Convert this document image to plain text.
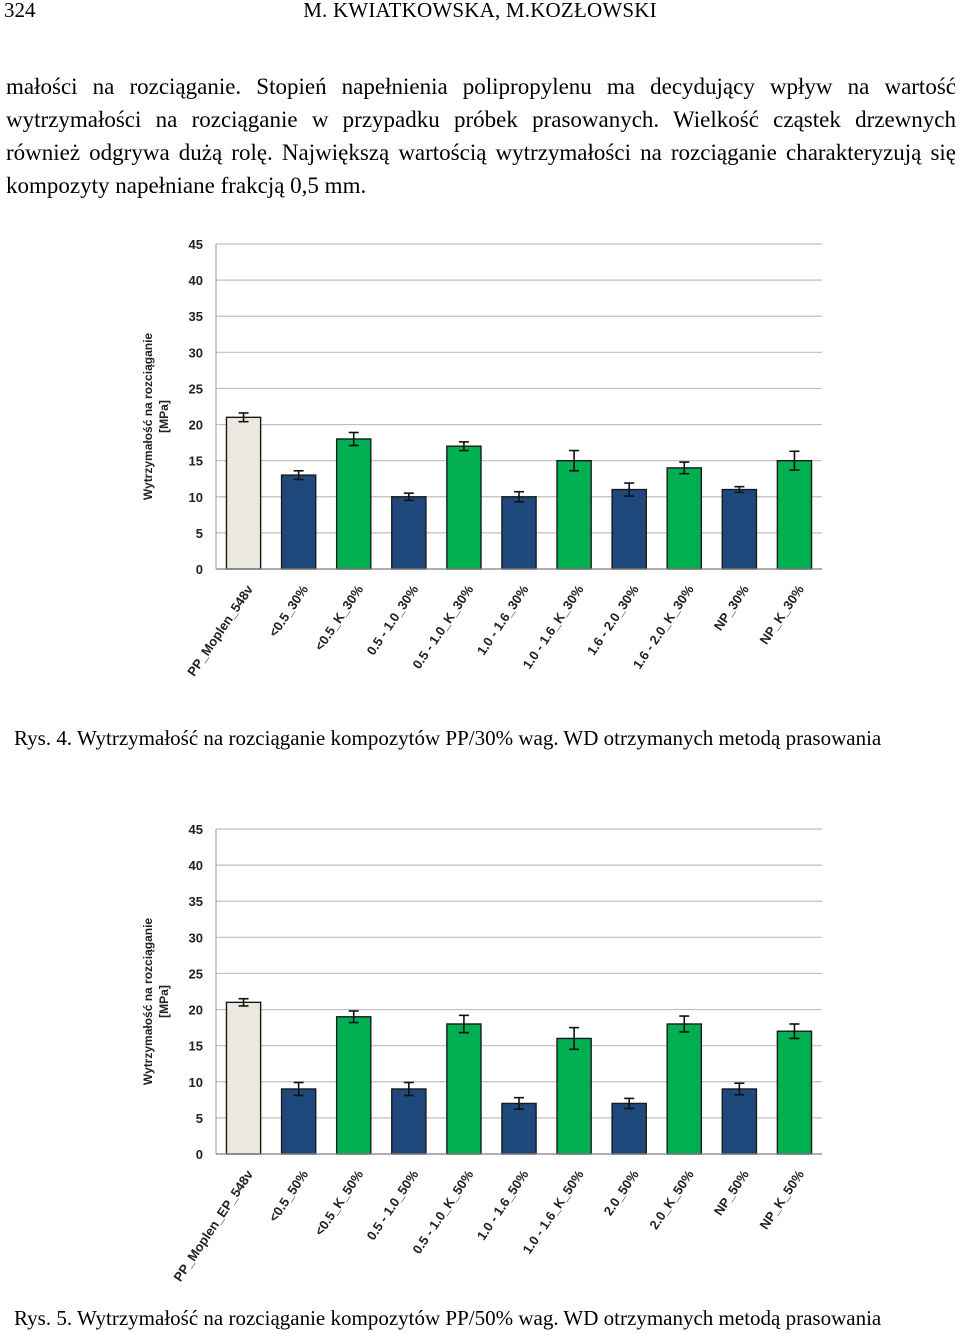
324	M. KWIATKOWSKA, M.KOZŁOWSKI

małości na rozciąganie. Stopień napełnienia polipropylenu ma decydujący wpływ na wartość wytrzymałości na rozciąganie w przypadku próbek prasowanych. Wielkość cząstek drzewnych również odgrywa dużą rolę. Największą wartością wytrzymałości na rozciąganie charakteryzują się kompozyty napełniane frakcją 0,5 mm.

0
5
10
15
20
25
30
35
40
45
Wytrzymałość na rozciąganie [MPa]
PP_Moplen_548v <0.5_30% <0.5_K_30%
0.5 - 1.0_30%
0.5 - 1.0_K_30%
1.0 - 1.6_30%
1.0 - 1.6_K_30%
1.6 - 2.0_30%
1.6 - 2.0_K_30% NP_30% NP_K_30%
Rys. 4. Wytrzymałość na rozciąganie kompozytów PP/30% wag. WD otrzymanych metodą prasowania
0
5
10
15
20
25
30
35
40
45
Wytrzymałość na rozciąganie [MPa]
PP_Moplen_EP_548v <0.5_50% <0.5_K_50%
0.5 - 1.0_50%
0.5 - 1.0_K_50%
1.0 - 1.6_50%
1.0 - 1.6_K_50% 2.0_50% 2.0_K_50% NP_50% NP_K_50%
Rys. 5. Wytrzymałość na rozciąganie kompozytów PP/50% wag. WD otrzymanych metodą prasowania
